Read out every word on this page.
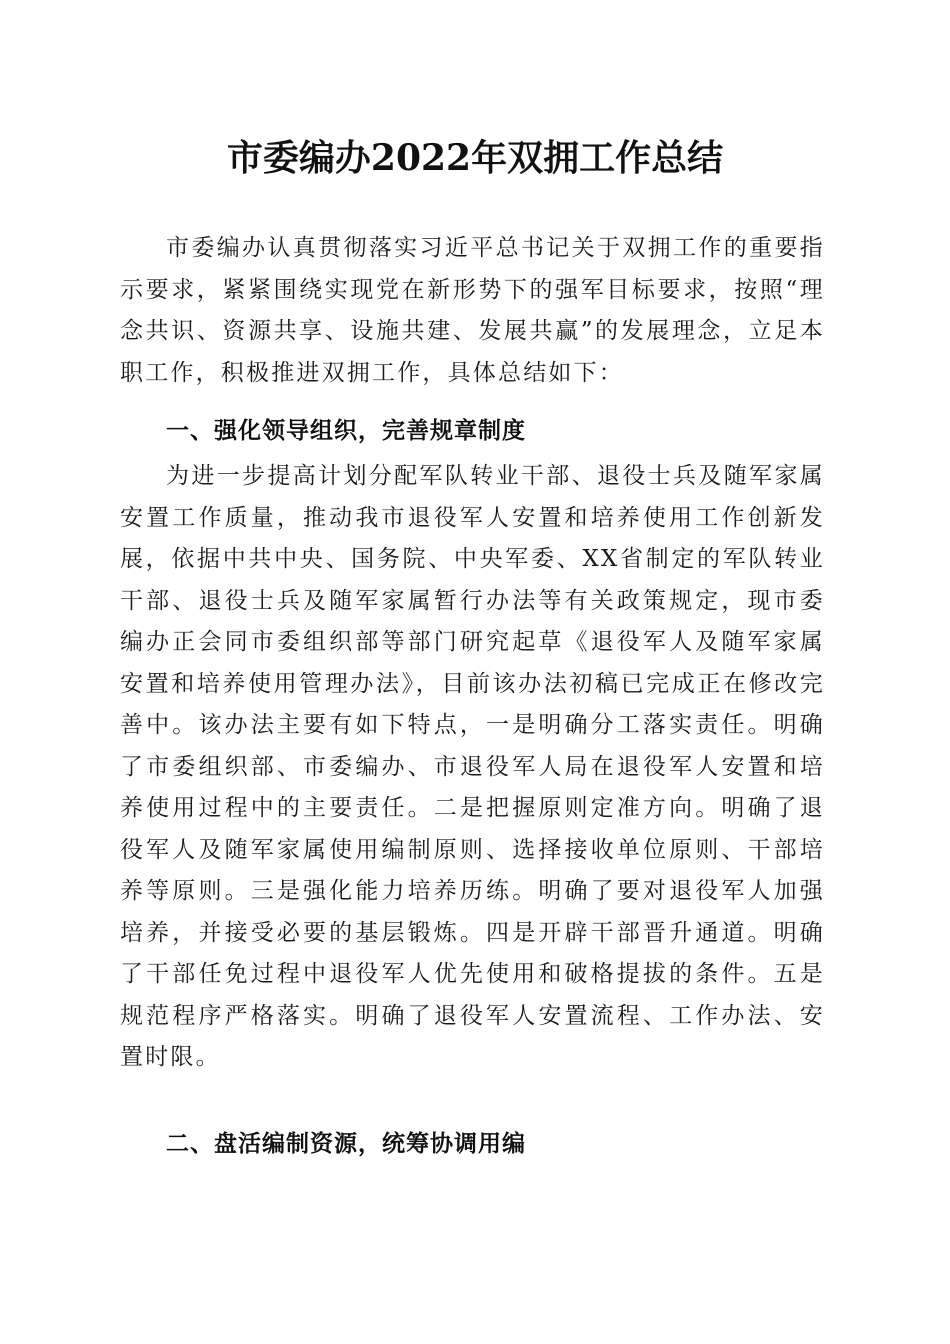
市委编办2022年双拥工作总结

市委编办认真贯彻落实习近平总书记关于双拥工作的重要指示要求，紧紧围绕实现党在新形势下的强军目标要求，按照“理念共识、资源共享、设施共建、发展共赢”的发展理念，立足本职工作，积极推进双拥工作，具体总结如下：

一、强化领导组织，完善规章制度

为进一步提高计划分配军队转业干部、退役士兵及随军家属安置工作质量，推动我市退役军人安置和培养使用工作创新发展，依据中共中央、国务院、中央军委、XX省制定的军队转业干部、退役士兵及随军家属暂行办法等有关政策规定，现市委编办正会同市委组织部等部门研究起草《退役军人及随军家属安置和培养使用管理办法》，目前该办法初稿已完成正在修改完善中。该办法主要有如下特点，一是明确分工落实责任。明确了市委组织部、市委编办、市退役军人局在退役军人安置和培养使用过程中的主要责任。二是把握原则定准方向。明确了退役军人及随军家属使用编制原则、选择接收单位原则、干部培养等原则。三是强化能力培养历练。明确了要对退役军人加强培养，并接受必要的基层锻炼。四是开辟干部晋升通道。明确了干部任免过程中退役军人优先使用和破格提拔的条件。五是规范程序严格落实。明确了退役军人安置流程、工作办法、安置时限。

二、盘活编制资源，统筹协调用编
